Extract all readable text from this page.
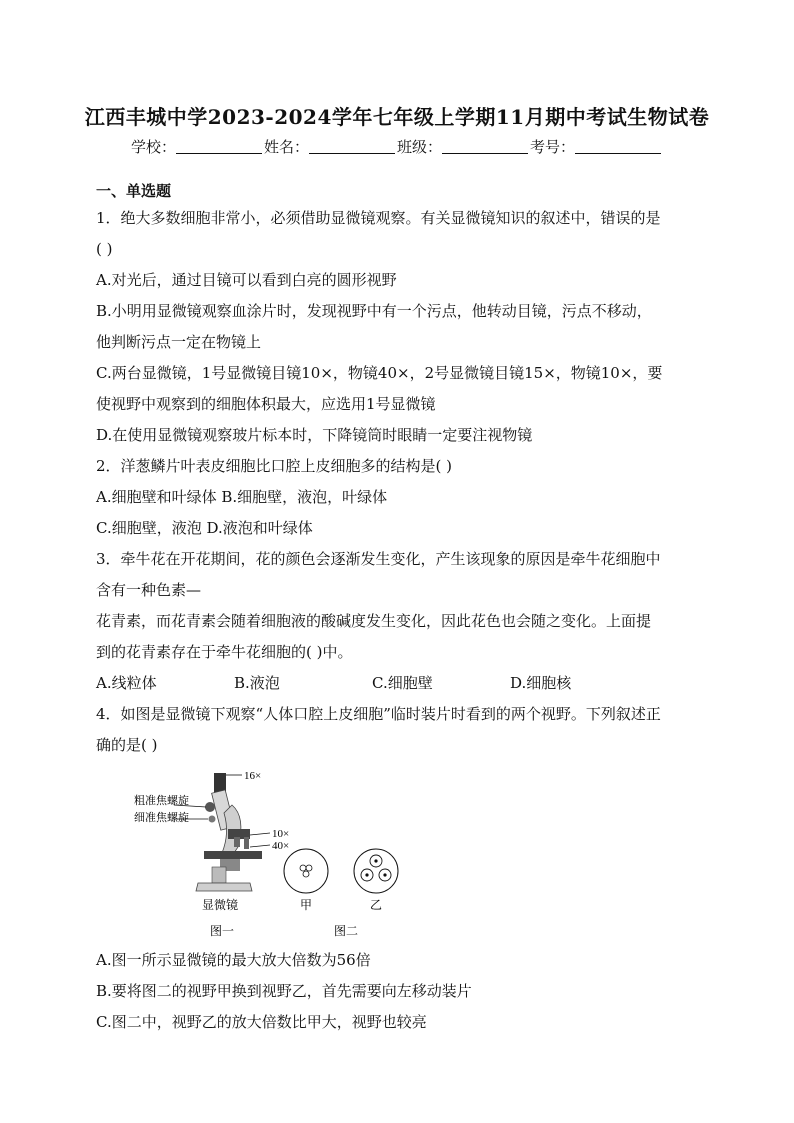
江西丰城中学2023-2024学年七年级上学期11月期中考试生物试卷
学校：	姓名：	班级：	考号：
一、单选题
1．绝大多数细胞非常小，必须借助显微镜观察。有关显微镜知识的叙述中，错误的是
( )
A.对光后，通过目镜可以看到白亮的圆形视野
B.小明用显微镜观察血涂片时，发现视野中有一个污点，他转动目镜，污点不移动，
他判断污点一定在物镜上
C.两台显微镜，1号显微镜目镜10×，物镜40×，2号显微镜目镜15×，物镜10×，要
使视野中观察到的细胞体积最大，应选用1号显微镜
D.在使用显微镜观察玻片标本时，下降镜筒时眼睛一定要注视物镜
2．洋葱鳞片叶表皮细胞比口腔上皮细胞多的结构是( )
A.细胞壁和叶绿体 B.细胞壁，液泡，叶绿体
C.细胞壁，液泡 D.液泡和叶绿体
3．牵牛花在开花期间，花的颜色会逐渐发生变化，产生该现象的原因是牵牛花细胞中
含有一种色素—
花青素，而花青素会随着细胞液的酸碱度发生变化，因此花色也会随之变化。上面提
到的花青素存在于牵牛花细胞的( )中。
A.线粒体	B.液泡	C.细胞壁	D.细胞核
4．如图是显微镜下观察“人体口腔上皮细胞”临时装片时看到的两个视野。下列叙述正
确的是( )
16×
粗准焦螺旋
细准焦螺旋
10×
40×
显微镜
图一
甲	乙
图二
A.图一所示显微镜的最大放大倍数为56倍
B.要将图二的视野甲换到视野乙，首先需要向左移动装片
C.图二中，视野乙的放大倍数比甲大，视野也较亮
